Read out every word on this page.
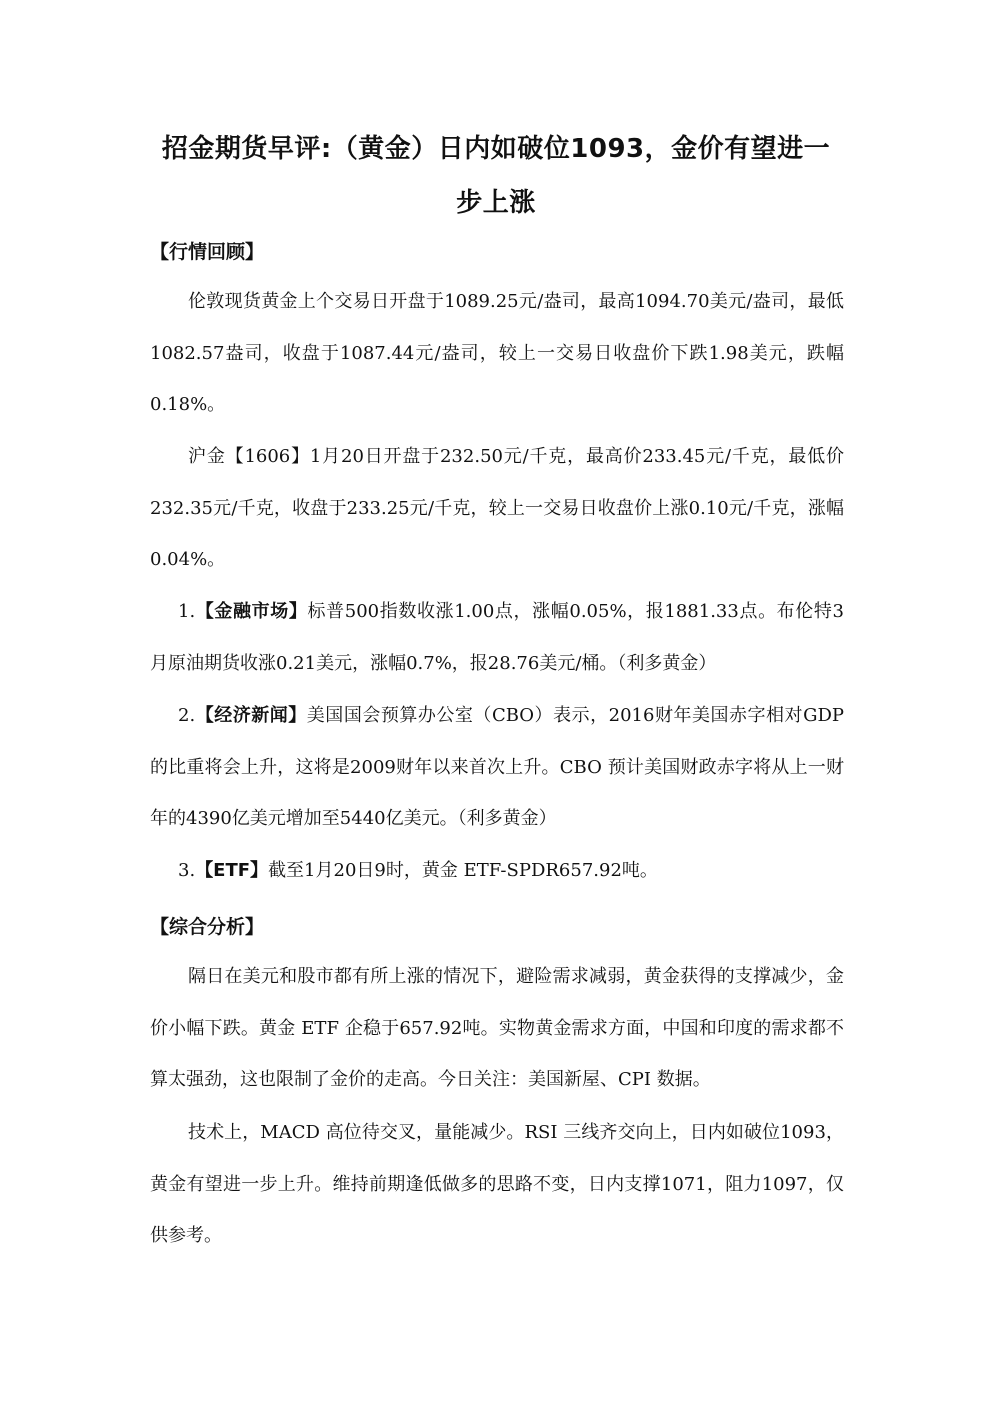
招金期货早评:（黄金）日内如破位1093，金价有望进一步上涨
【行情回顾】
伦敦现货黄金上个交易日开盘于1089.25元/盎司，最高1094.70美元/盎司，最低1082.57盎司，收盘于1087.44元/盎司，较上一交易日收盘价下跌1.98美元，跌幅0.18%。
沪金【1606】1月20日开盘于232.50元/千克，最高价233.45元/千克，最低价232.35元/千克，收盘于233.25元/千克，较上一交易日收盘价上涨0.10元/千克，涨幅0.04%。
1.【金融市场】标普500指数收涨1.00点，涨幅0.05%，报1881.33点。布伦特3月原油期货收涨0.21美元，涨幅0.7%，报28.76美元/桶。（利多黄金）
2.【经济新闻】美国国会预算办公室（CBO）表示，2016财年美国赤字相对GDP 的比重将会上升，这将是2009财年以来首次上升。CBO 预计美国财政赤字将从上一财年的4390亿美元增加至5440亿美元。（利多黄金）
3.【ETF】截至1月20日9时，黄金 ETF-SPDR657.92吨。
【综合分析】
隔日在美元和股市都有所上涨的情况下，避险需求减弱，黄金获得的支撑减少，金价小幅下跌。黄金 ETF 企稳于657.92吨。实物黄金需求方面，中国和印度的需求都不算太强劲，这也限制了金价的走高。今日关注：美国新屋、CPI 数据。
技术上，MACD 高位待交叉，量能减少。RSI 三线齐交向上，日内如破位1093，黄金有望进一步上升。维持前期逢低做多的思路不变，日内支撑1071，阻力1097，仅供参考。
